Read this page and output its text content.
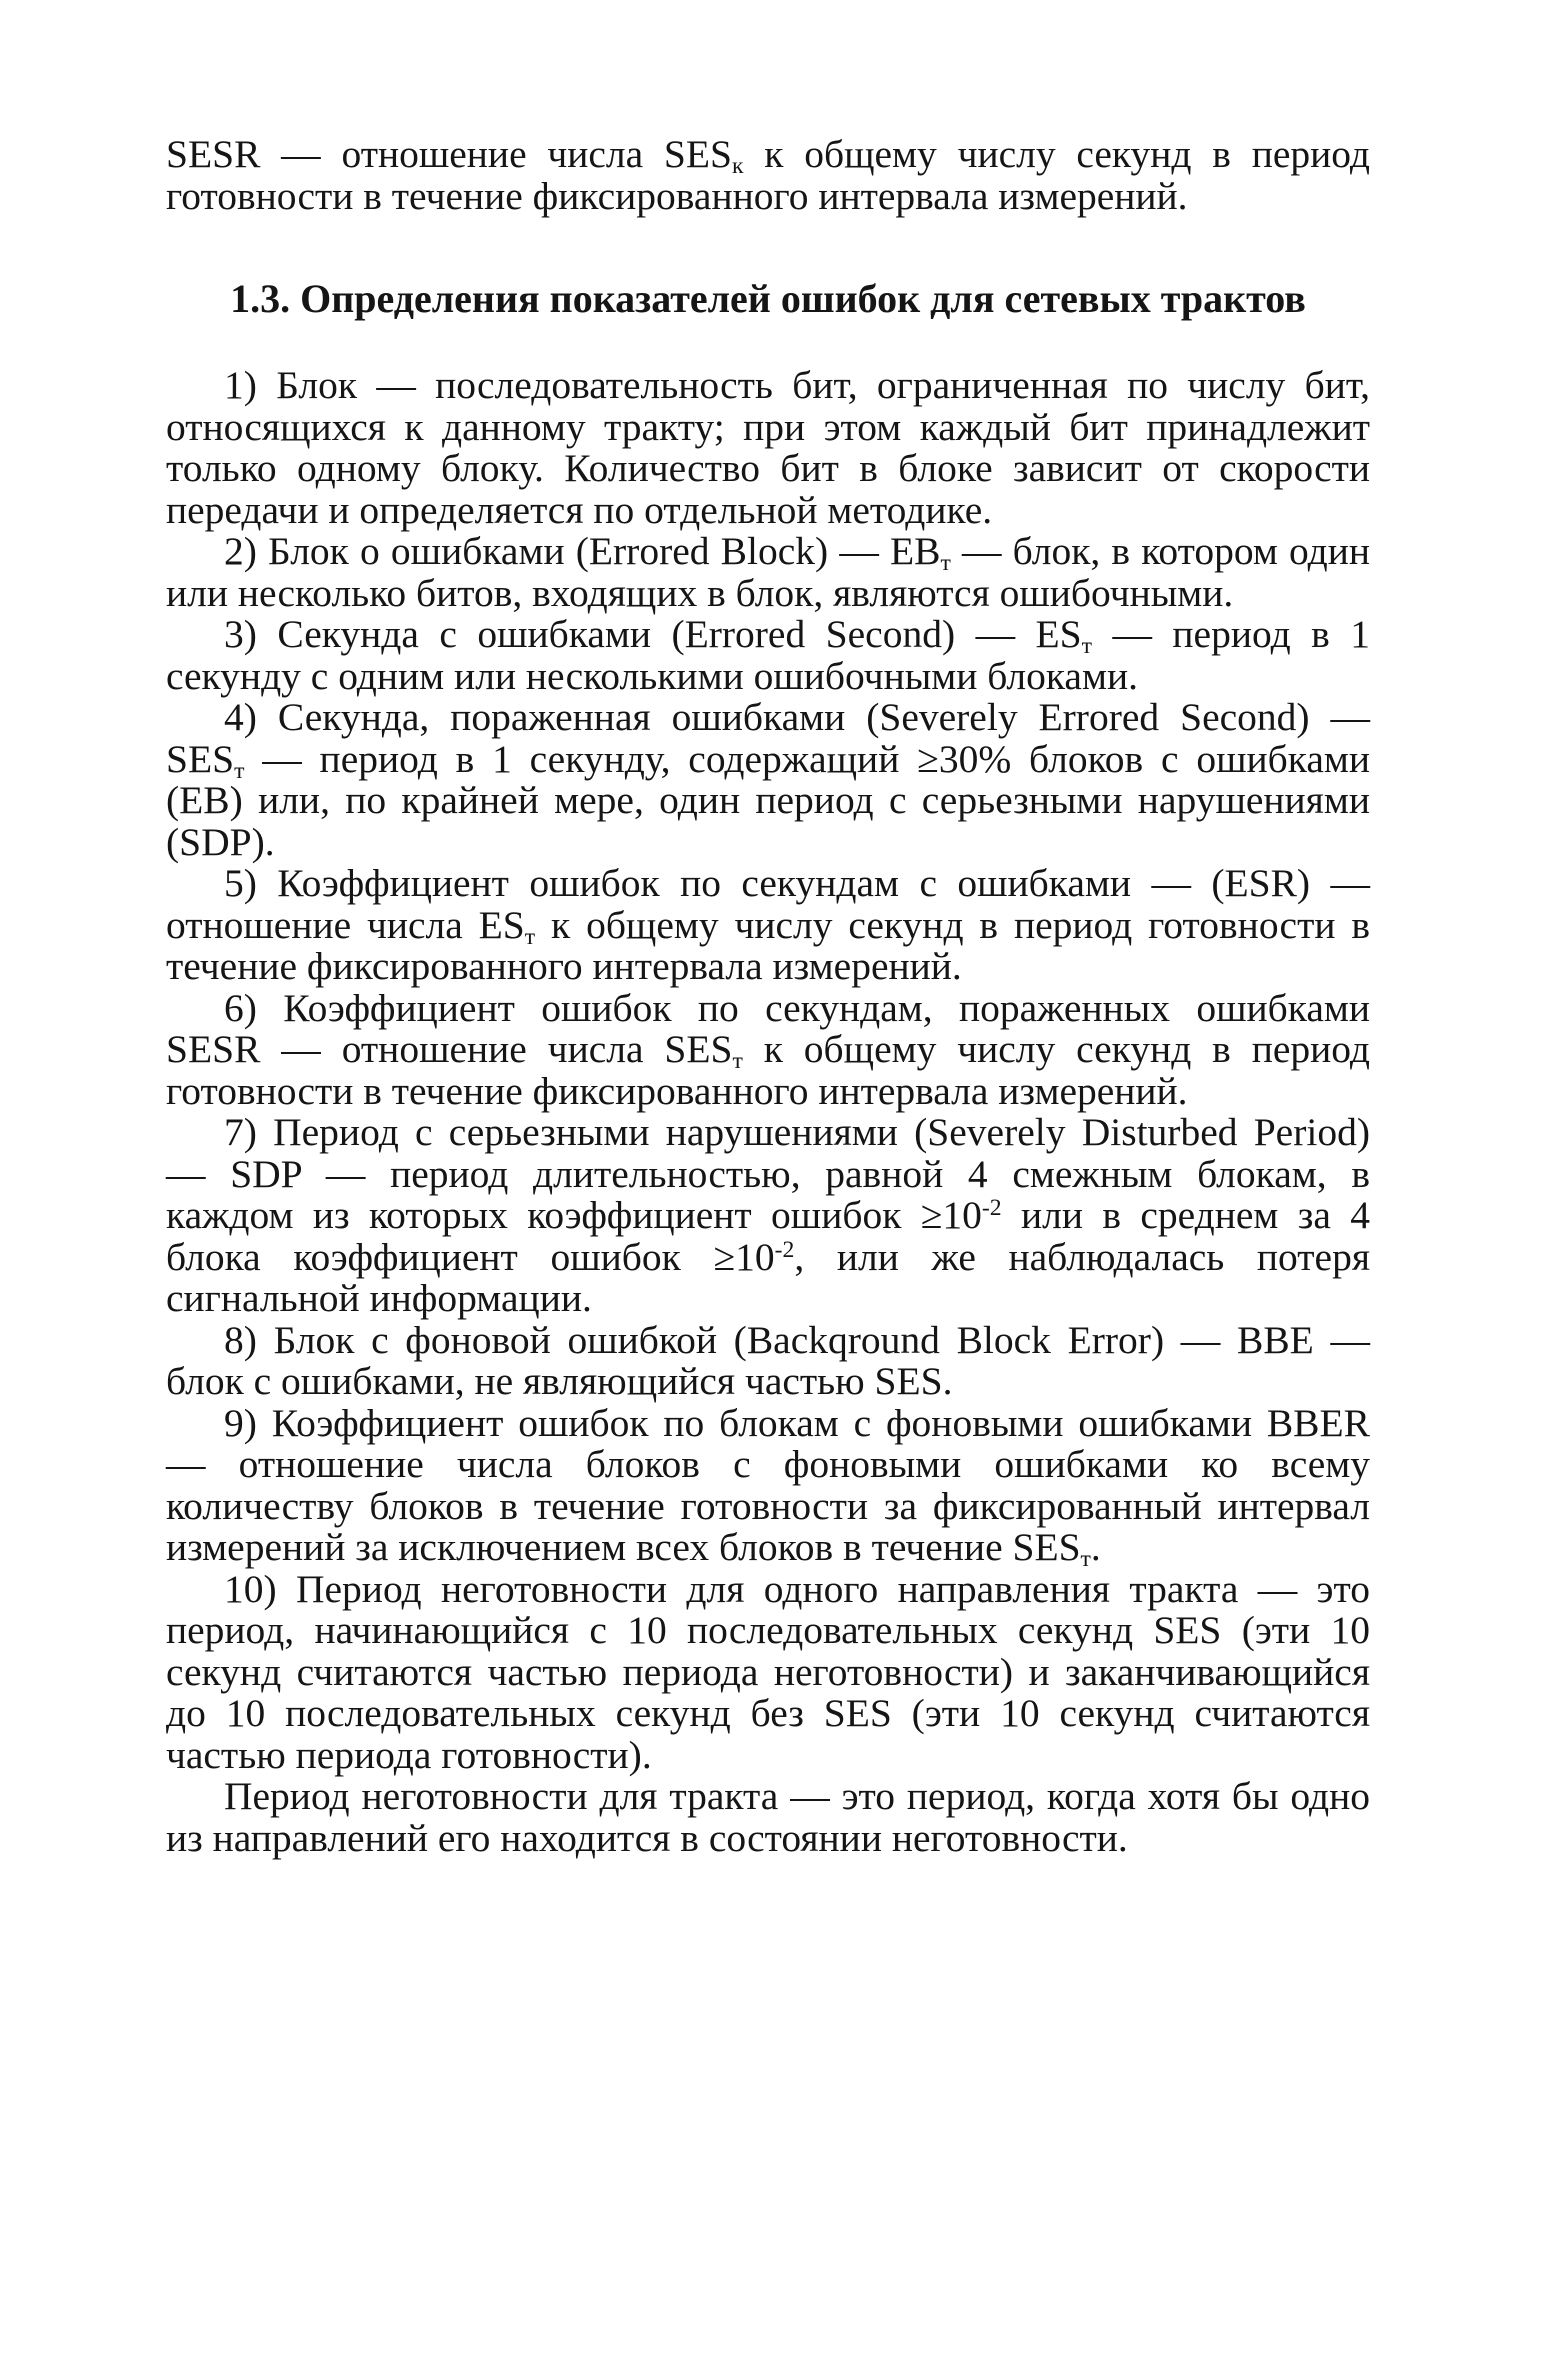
SESR — отношение числа $SES_к$ к общему числу секунд в период готовности в течение фиксированного интервала измерений.

1.3. Определения показателей ошибок для сетевых трактов

1) Блок — последовательность бит, ограниченная по числу бит, относящихся к данному тракту; при этом каждый бит принадлежит только одному блоку. Количество бит в блоке зависит от скорости передачи и определяется по отдельной методике.

2) Блок о ошибками (Errored Block) — $EB_т$ — блок, в котором один или несколько битов, входящих в блок, являются ошибочными.

3) Секунда с ошибками (Errored Second) — $ES_т$ — период в 1 секунду с одним или несколькими ошибочными блоками.

4) Секунда, пораженная ошибками (Severely Errored Second) — $SES_т$ — период в 1 секунду, содержащий ≥30% блоков с ошибками (EB) или, по крайней мере, один период с серьезными нарушениями (SDP).

5) Коэффициент ошибок по секундам с ошибками — (ESR) — отношение числа $ES_т$ к общему числу секунд в период готовности в течение фиксированного интервала измерений.

6) Коэффициент ошибок по секундам, пораженных ошибками SESR — отношение числа $SES_т$ к общему числу секунд в период готовности в течение фиксированного интервала измерений.

7) Период с серьезными нарушениями (Severely Disturbed Period) — SDP — период длительностью, равной 4 смежным блокам, в каждом из которых коэффициент ошибок $\ge 10^{-2}$ или в среднем за 4 блока коэффициент ошибок $\ge 10^{-2}$, или же наблюдалась потеря сигнальной информации.

8) Блок с фоновой ошибкой (Backqround Block Error) — BBE — блок с ошибками, не являющийся частью SES.

9) Коэффициент ошибок по блокам с фоновыми ошибками BBER — отношение числа блоков с фоновыми ошибками ко всему количеству блоков в течение готовности за фиксированный интервал измерений за исключением всех блоков в течение $SES_т$.

10) Период неготовности для одного направления тракта — это период, начинающийся с 10 последовательных секунд SES (эти 10 секунд считаются частью периода неготовности) и заканчивающийся до 10 последовательных секунд без SES (эти 10 секунд считаются частью периода готовности).

Период неготовности для тракта — это период, когда хотя бы одно из направлений его находится в состоянии неготовности.
